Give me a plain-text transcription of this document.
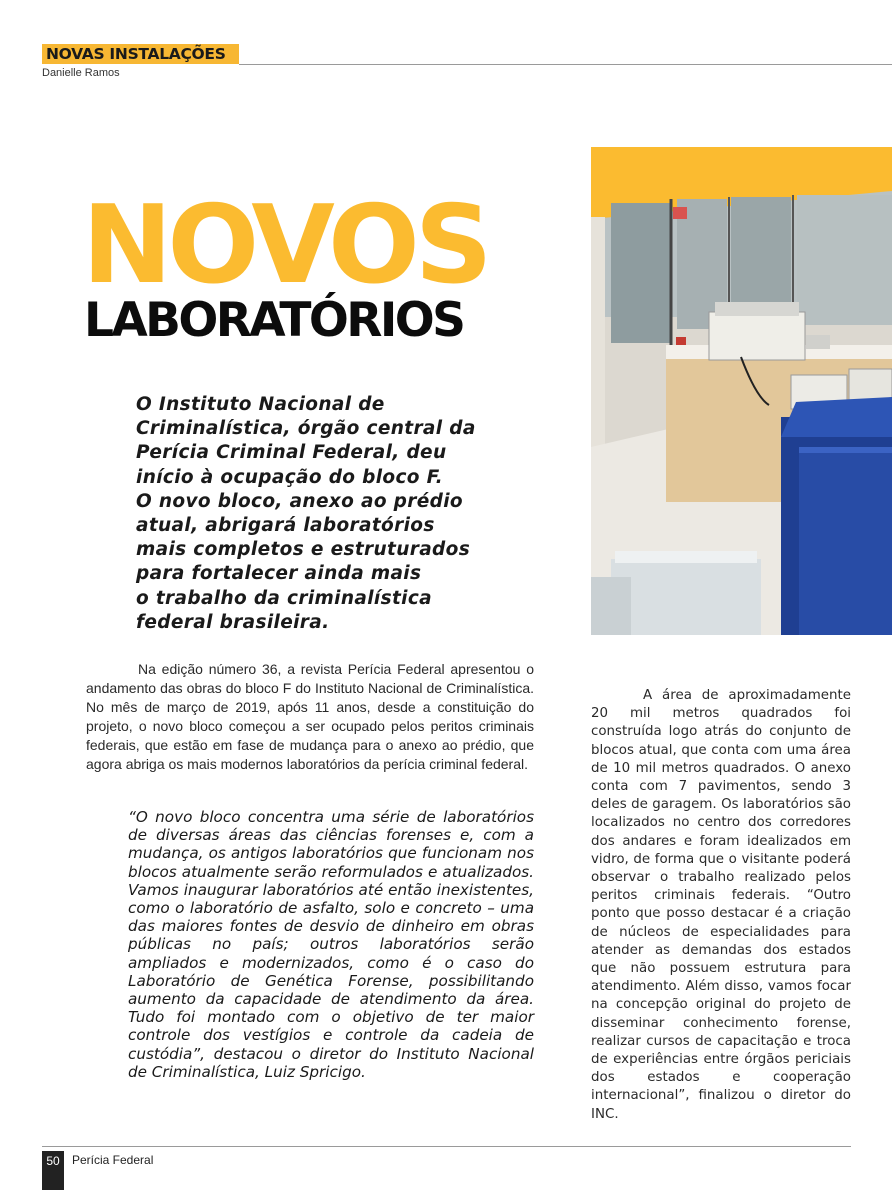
NOVAS INSTALAÇÕES
Danielle Ramos
NOVOS
LABORATÓRIOS
O Instituto Nacional de
Criminalística, órgão central da
Perícia Criminal Federal, deu
início à ocupação do bloco F.
O novo bloco, anexo ao prédio
atual, abrigará laboratórios
mais completos e estruturados
para fortalecer ainda mais
o trabalho da criminalística
federal brasileira.

Na edição número 36, a revista Perícia Federal apresentou o andamento das obras do bloco F do Instituto Nacional de Criminalística. No mês de março de 2019, após 11 anos, desde a constituição do projeto, o novo bloco começou a ser ocupado pelos peritos criminais federais, que estão em fase de mudança para o anexo ao prédio, que agora abriga os mais modernos laboratórios da perícia criminal federal.

“O novo bloco concentra uma série de laboratórios de diversas áreas das ciências forenses e, com a mudança, os antigos laboratórios que funcionam nos blocos atualmente serão reformulados e atualizados. Vamos inaugurar laboratórios até então inexistentes, como o laboratório de asfalto, solo e concreto – uma das maiores fontes de desvio de dinheiro em obras públicas no país; outros laboratórios serão ampliados e modernizados, como é o caso do Laboratório de Genética Forense, possibilitando aumento da capacidade de atendimento da área. Tudo foi montado com o objetivo de ter maior controle dos vestígios e controle da cadeia de custódia”, destacou o diretor do Instituto Nacional de Criminalística, Luiz Spricigo.

A área de aproximadamente 20 mil metros quadrados foi construída logo atrás do conjunto de blocos atual, que conta com uma área de 10 mil metros quadrados. O anexo conta com 7 pavimentos, sendo 3 deles de garagem. Os laboratórios são localizados no centro dos corredores dos andares e foram idealizados em vidro, de forma que o visitante poderá observar o trabalho realizado pelos peritos criminais federais. “Outro ponto que posso destacar é a criação de núcleos de especialidades para atender as demandas dos estados que não possuem estrutura para atendimento. Além disso, vamos focar na concepção original do projeto de disseminar conhecimento forense, realizar cursos de capacitação e troca de experiências entre órgãos periciais dos estados e cooperação internacional”, finalizou o diretor do INC.

50	Perícia Federal
